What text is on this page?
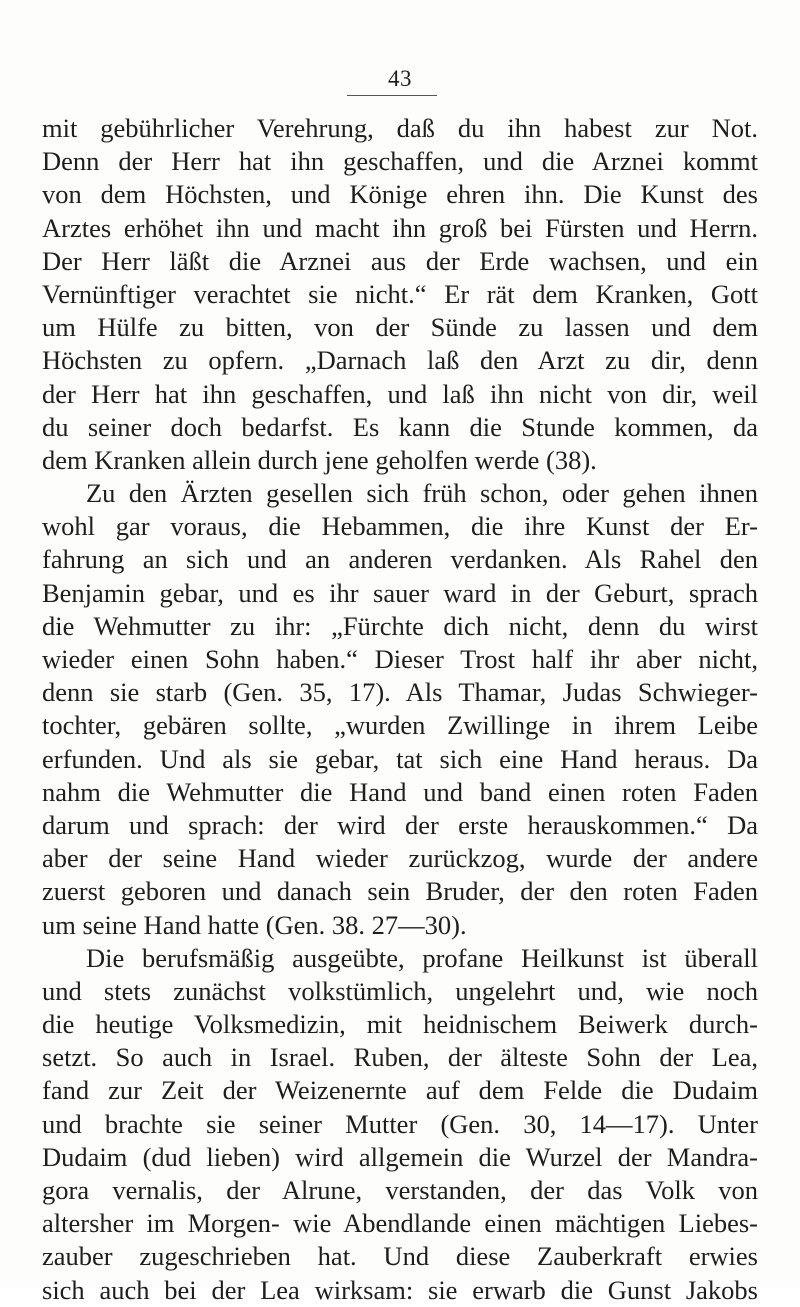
43
mit gebührlicher Verehrung, daß du ihn habest zur Not.
Denn der Herr hat ihn geschaffen, und die Arznei kommt
von dem Höchsten, und Könige ehren ihn. Die Kunst des
Arztes erhöhet ihn und macht ihn groß bei Fürsten und Herrn.
Der Herr läßt die Arznei aus der Erde wachsen, und ein
Vernünftiger verachtet sie nicht.“ Er rät dem Kranken, Gott
um Hülfe zu bitten, von der Sünde zu lassen und dem
Höchsten zu opfern. „Darnach laß den Arzt zu dir, denn
der Herr hat ihn geschaffen, und laß ihn nicht von dir, weil
du seiner doch bedarfst. Es kann die Stunde kommen, da
dem Kranken allein durch jene geholfen werde (38).
Zu den Ärzten gesellen sich früh schon, oder gehen ihnen
wohl gar voraus, die Hebammen, die ihre Kunst der Er-
fahrung an sich und an anderen verdanken. Als Rahel den
Benjamin gebar, und es ihr sauer ward in der Geburt, sprach
die Wehmutter zu ihr: „Fürchte dich nicht, denn du wirst
wieder einen Sohn haben.“ Dieser Trost half ihr aber nicht,
denn sie starb (Gen. 35, 17). Als Thamar, Judas Schwieger-
tochter, gebären sollte, „wurden Zwillinge in ihrem Leibe
erfunden. Und als sie gebar, tat sich eine Hand heraus. Da
nahm die Wehmutter die Hand und band einen roten Faden
darum und sprach: der wird der erste herauskommen.“ Da
aber der seine Hand wieder zurückzog, wurde der andere
zuerst geboren und danach sein Bruder, der den roten Faden
um seine Hand hatte (Gen. 38. 27—30).
Die berufsmäßig ausgeübte, profane Heilkunst ist überall
und stets zunächst volkstümlich, ungelehrt und, wie noch
die heutige Volksmedizin, mit heidnischem Beiwerk durch-
setzt. So auch in Israel. Ruben, der älteste Sohn der Lea,
fand zur Zeit der Weizenernte auf dem Felde die Dudaim
und brachte sie seiner Mutter (Gen. 30, 14—17). Unter
Dudaim (dud lieben) wird allgemein die Wurzel der Mandra-
gora vernalis, der Alrune, verstanden, der das Volk von
altersher im Morgen- wie Abendlande einen mächtigen Liebes-
zauber zugeschrieben hat. Und diese Zauberkraft erwies
sich auch bei der Lea wirksam: sie erwarb die Gunst Jakobs
